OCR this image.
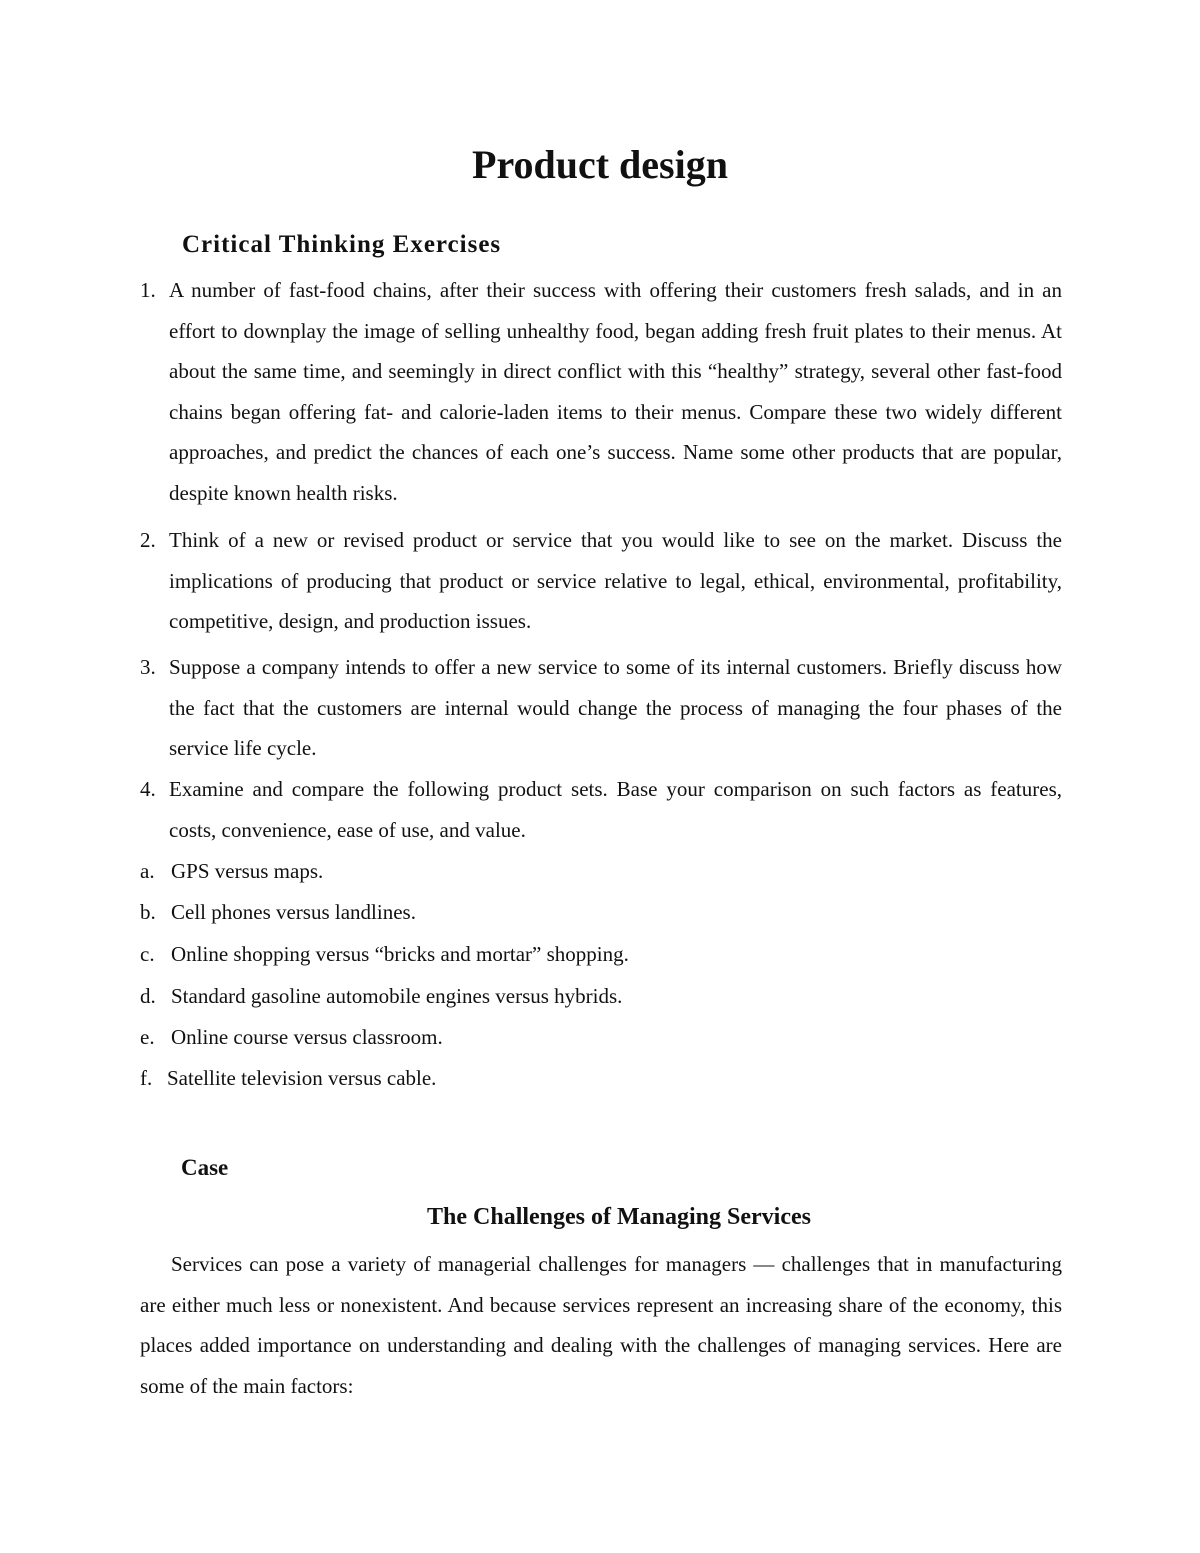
Product design
Critical Thinking Exercises
1. A number of fast-food chains, after their success with offering their customers fresh salads, and in an effort to downplay the image of selling unhealthy food, began adding fresh fruit plates to their menus. At about the same time, and seemingly in direct conflict with this “healthy” strategy, several other fast-food chains began offering fat- and calorie-laden items to their menus. Compare these two widely different approaches, and predict the chances of each one’s success. Name some other products that are popular, despite known health risks.
2. Think of a new or revised product or service that you would like to see on the market. Discuss the implications of producing that product or service relative to legal, ethical, environmental, profitability, competitive, design, and production issues.
3. Suppose a company intends to offer a new service to some of its internal customers. Briefly discuss how the fact that the customers are internal would change the process of managing the four phases of the service life cycle.
4. Examine and compare the following product sets. Base your comparison on such factors as features, costs, convenience, ease of use, and value.
a. GPS versus maps.
b. Cell phones versus landlines.
c. Online shopping versus “bricks and mortar” shopping.
d. Standard gasoline automobile engines versus hybrids.
e. Online course versus classroom.
f. Satellite television versus cable.
Case
The Challenges of Managing Services

Services can pose a variety of managerial challenges for managers — challenges that in manufacturing are either much less or nonexistent. And because services represent an increasing share of the economy, this places added importance on understanding and dealing with the challenges of managing services. Here are some of the main factors:
